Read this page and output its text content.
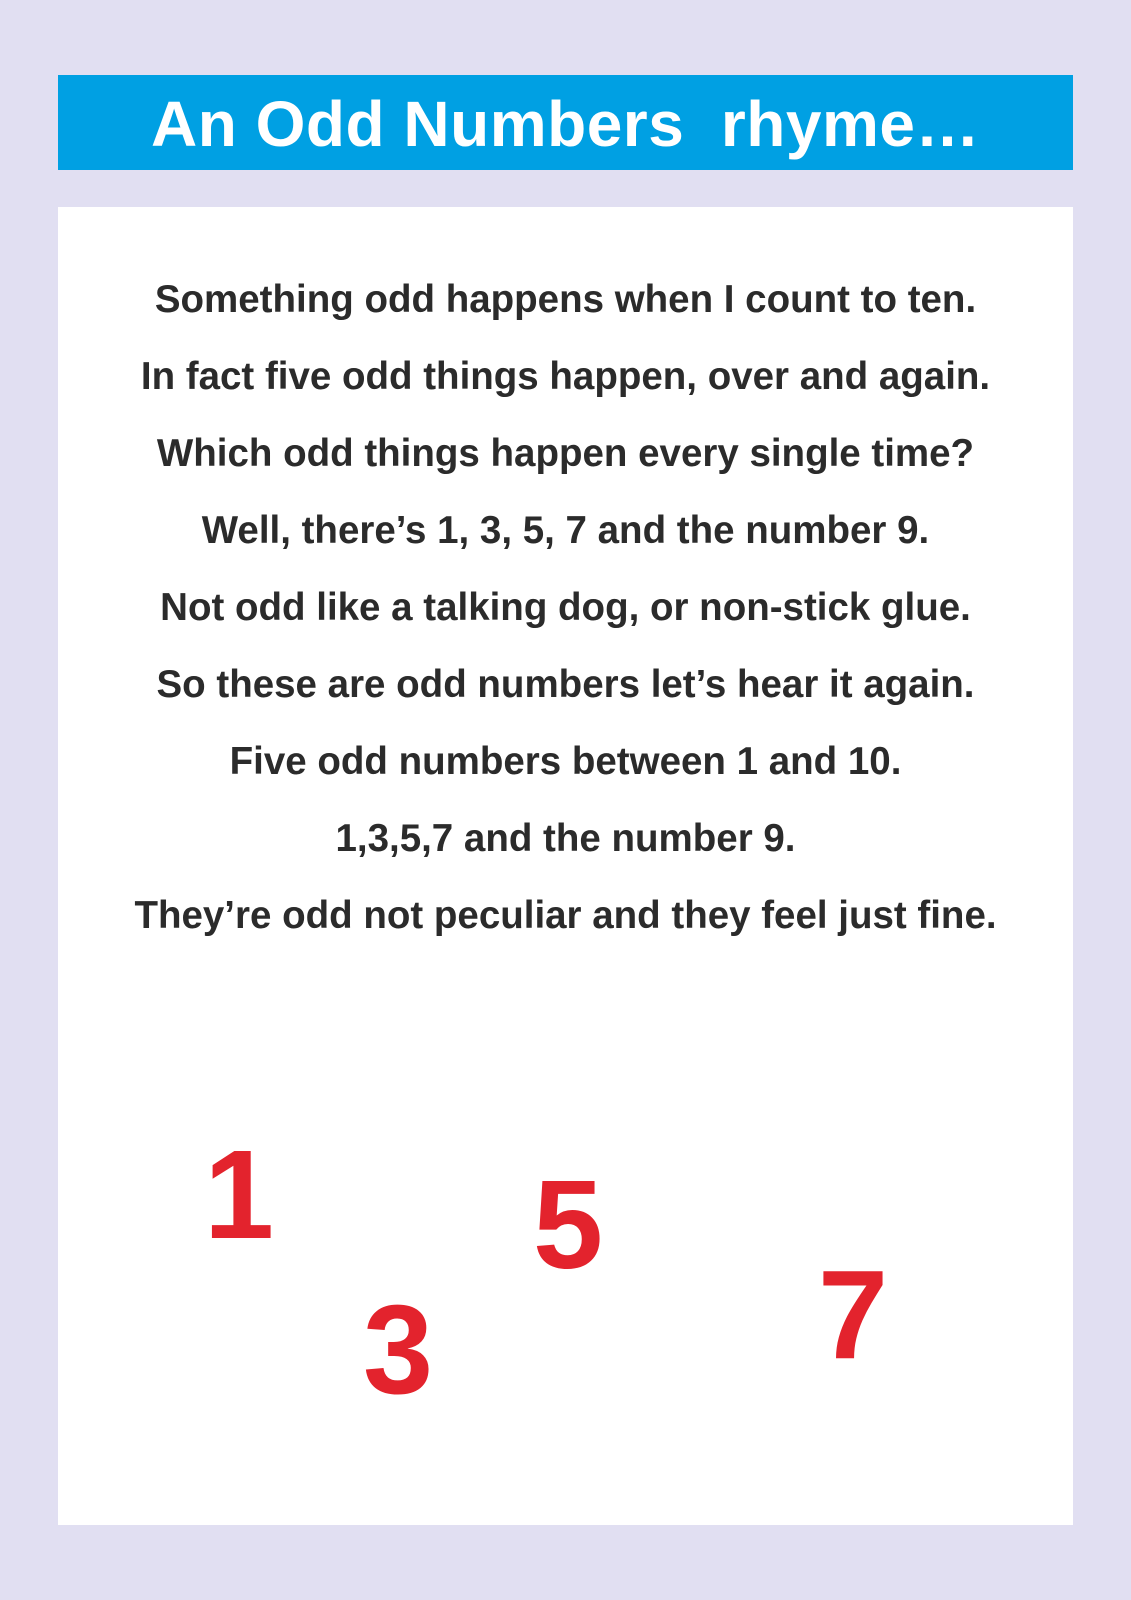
An Odd Numbers  rhyme…
Something odd happens when I count to ten.
In fact five odd things happen, over and again.
Which odd things happen every single time?
Well, there’s 1, 3, 5, 7 and the number 9.
Not odd like a talking dog, or non-stick glue.
So these are odd numbers let’s hear it again.
Five odd numbers between 1 and 10.
1,3,5,7 and the number 9.
They’re odd not peculiar and they feel just fine.
1
3
5
7
